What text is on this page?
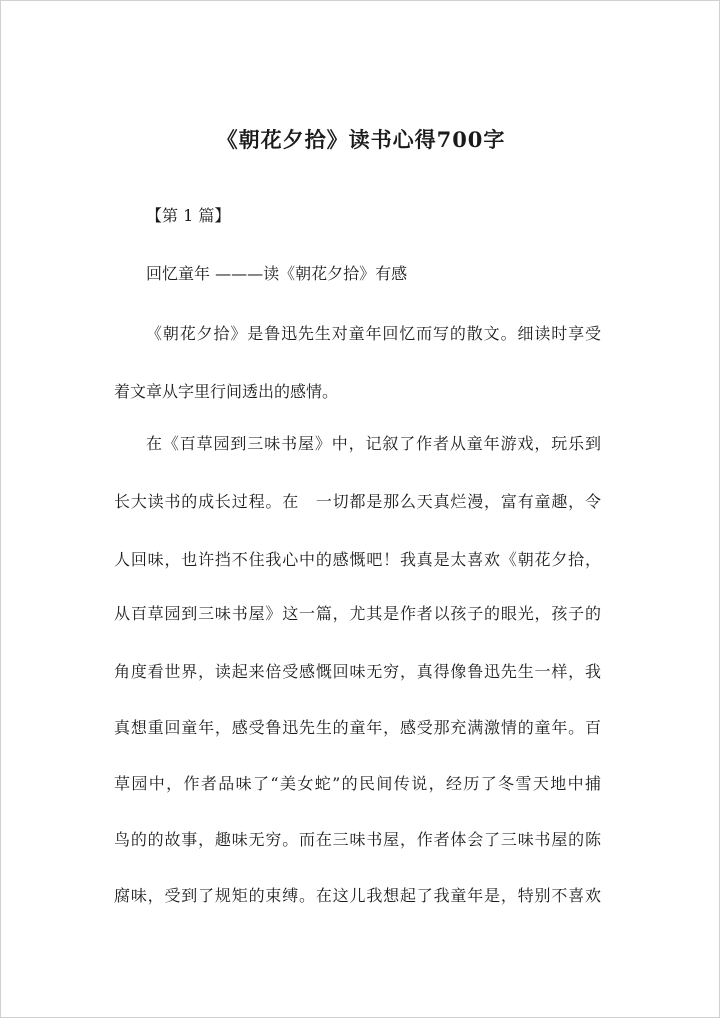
《朝花夕拾》读书心得700字
【第 1 篇】
回忆童年 ———读《朝花夕拾》有感
《朝花夕拾》是鲁迅先生对童年回忆而写的散文。细读时享受
着文章从字里行间透出的感情。
在《百草园到三味书屋》中，记叙了作者从童年游戏，玩乐到
长大读书的成长过程。在　一切都是那么天真烂漫，富有童趣，令
人回味，也许挡不住我心中的感慨吧！我真是太喜欢《朝花夕拾，
从百草园到三味书屋》这一篇，尤其是作者以孩子的眼光，孩子的
角度看世界，读起来倍受感慨回味无穷，真得像鲁迅先生一样，我
真想重回童年，感受鲁迅先生的童年，感受那充满激情的童年。百
草园中，作者品味了“美女蛇”的民间传说，经历了冬雪天地中捕
鸟的的故事，趣味无穷。而在三味书屋，作者体会了三味书屋的陈
腐味，受到了规矩的束缚。在这儿我想起了我童年是，特别不喜欢
